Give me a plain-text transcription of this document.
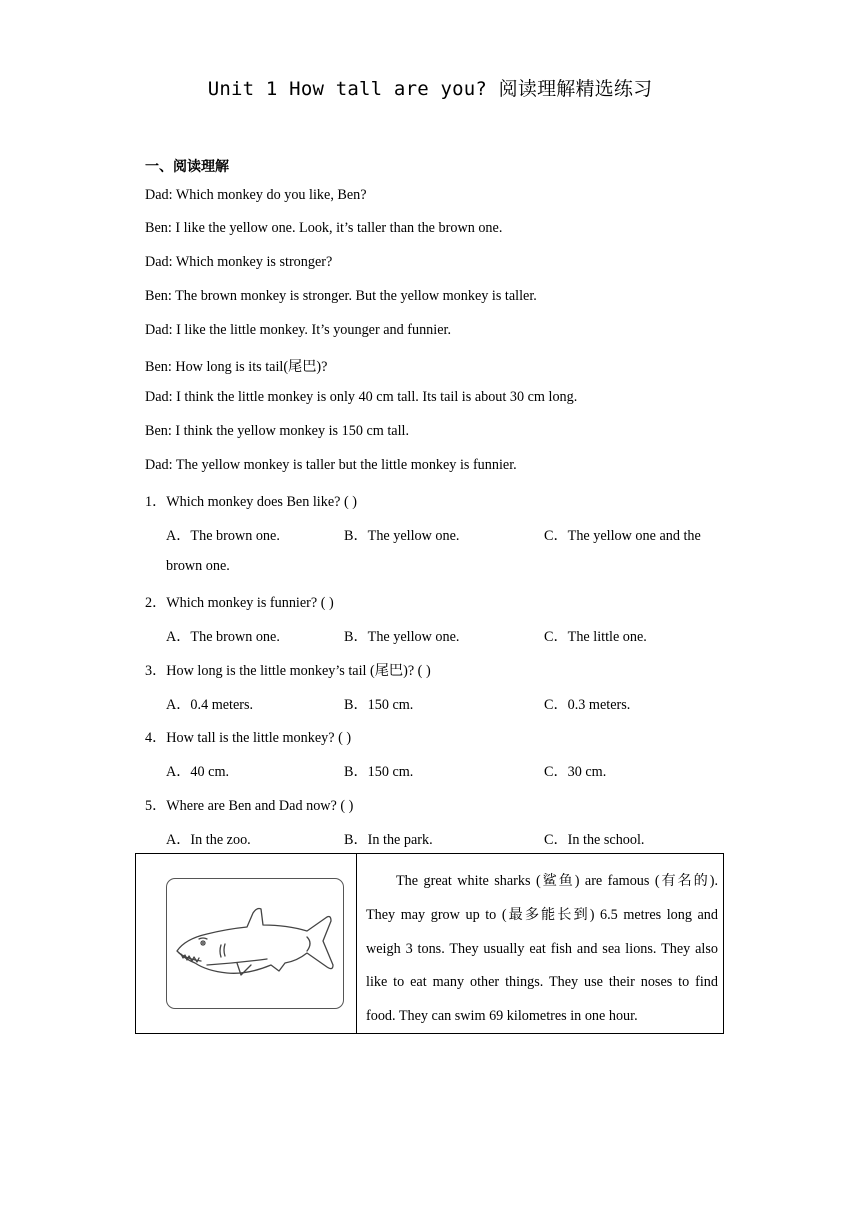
Unit 1 How tall are you? 阅读理解精选练习
一、阅读理解
Dad: Which monkey do you like, Ben?
Ben: I like the yellow one. Look, it’s taller than the brown one.
Dad: Which monkey is stronger?
Ben: The brown monkey is stronger. But the yellow monkey is taller.
Dad: I like the little monkey. It’s younger and funnier.
Ben: How long is its tail(尾巴)?
Dad: I think the little monkey is only 40 cm tall. Its tail is about 30 cm long.
Ben: I think the yellow monkey is 150 cm tall.
Dad: The yellow monkey is taller but the little monkey is funnier.
1．Which monkey does Ben like? ( )
A．The brown one.	B．The yellow one.	C．The yellow one and the
brown one.
2．Which monkey is funnier? ( )
A．The brown one.	B．The yellow one.	C．The little one.
3．How long is the little monkey’s tail (尾巴)? ( )
A．0.4 meters.	B．150 cm.	C．0.3 meters.
4．How tall is the little monkey? ( )
A．40 cm.	B．150 cm.	C．30 cm.
5．Where are Ben and Dad now? ( )
A．In the zoo.	B．In the park.	C．In the school.
The great white sharks (鲨鱼) are famous (有名的). They may grow up to (最多能长到) 6.5 metres long and weigh 3 tons. They usually eat fish and sea lions. They also like to eat many other things. They use their noses to find food. They can swim 69 kilometres in one hour.
